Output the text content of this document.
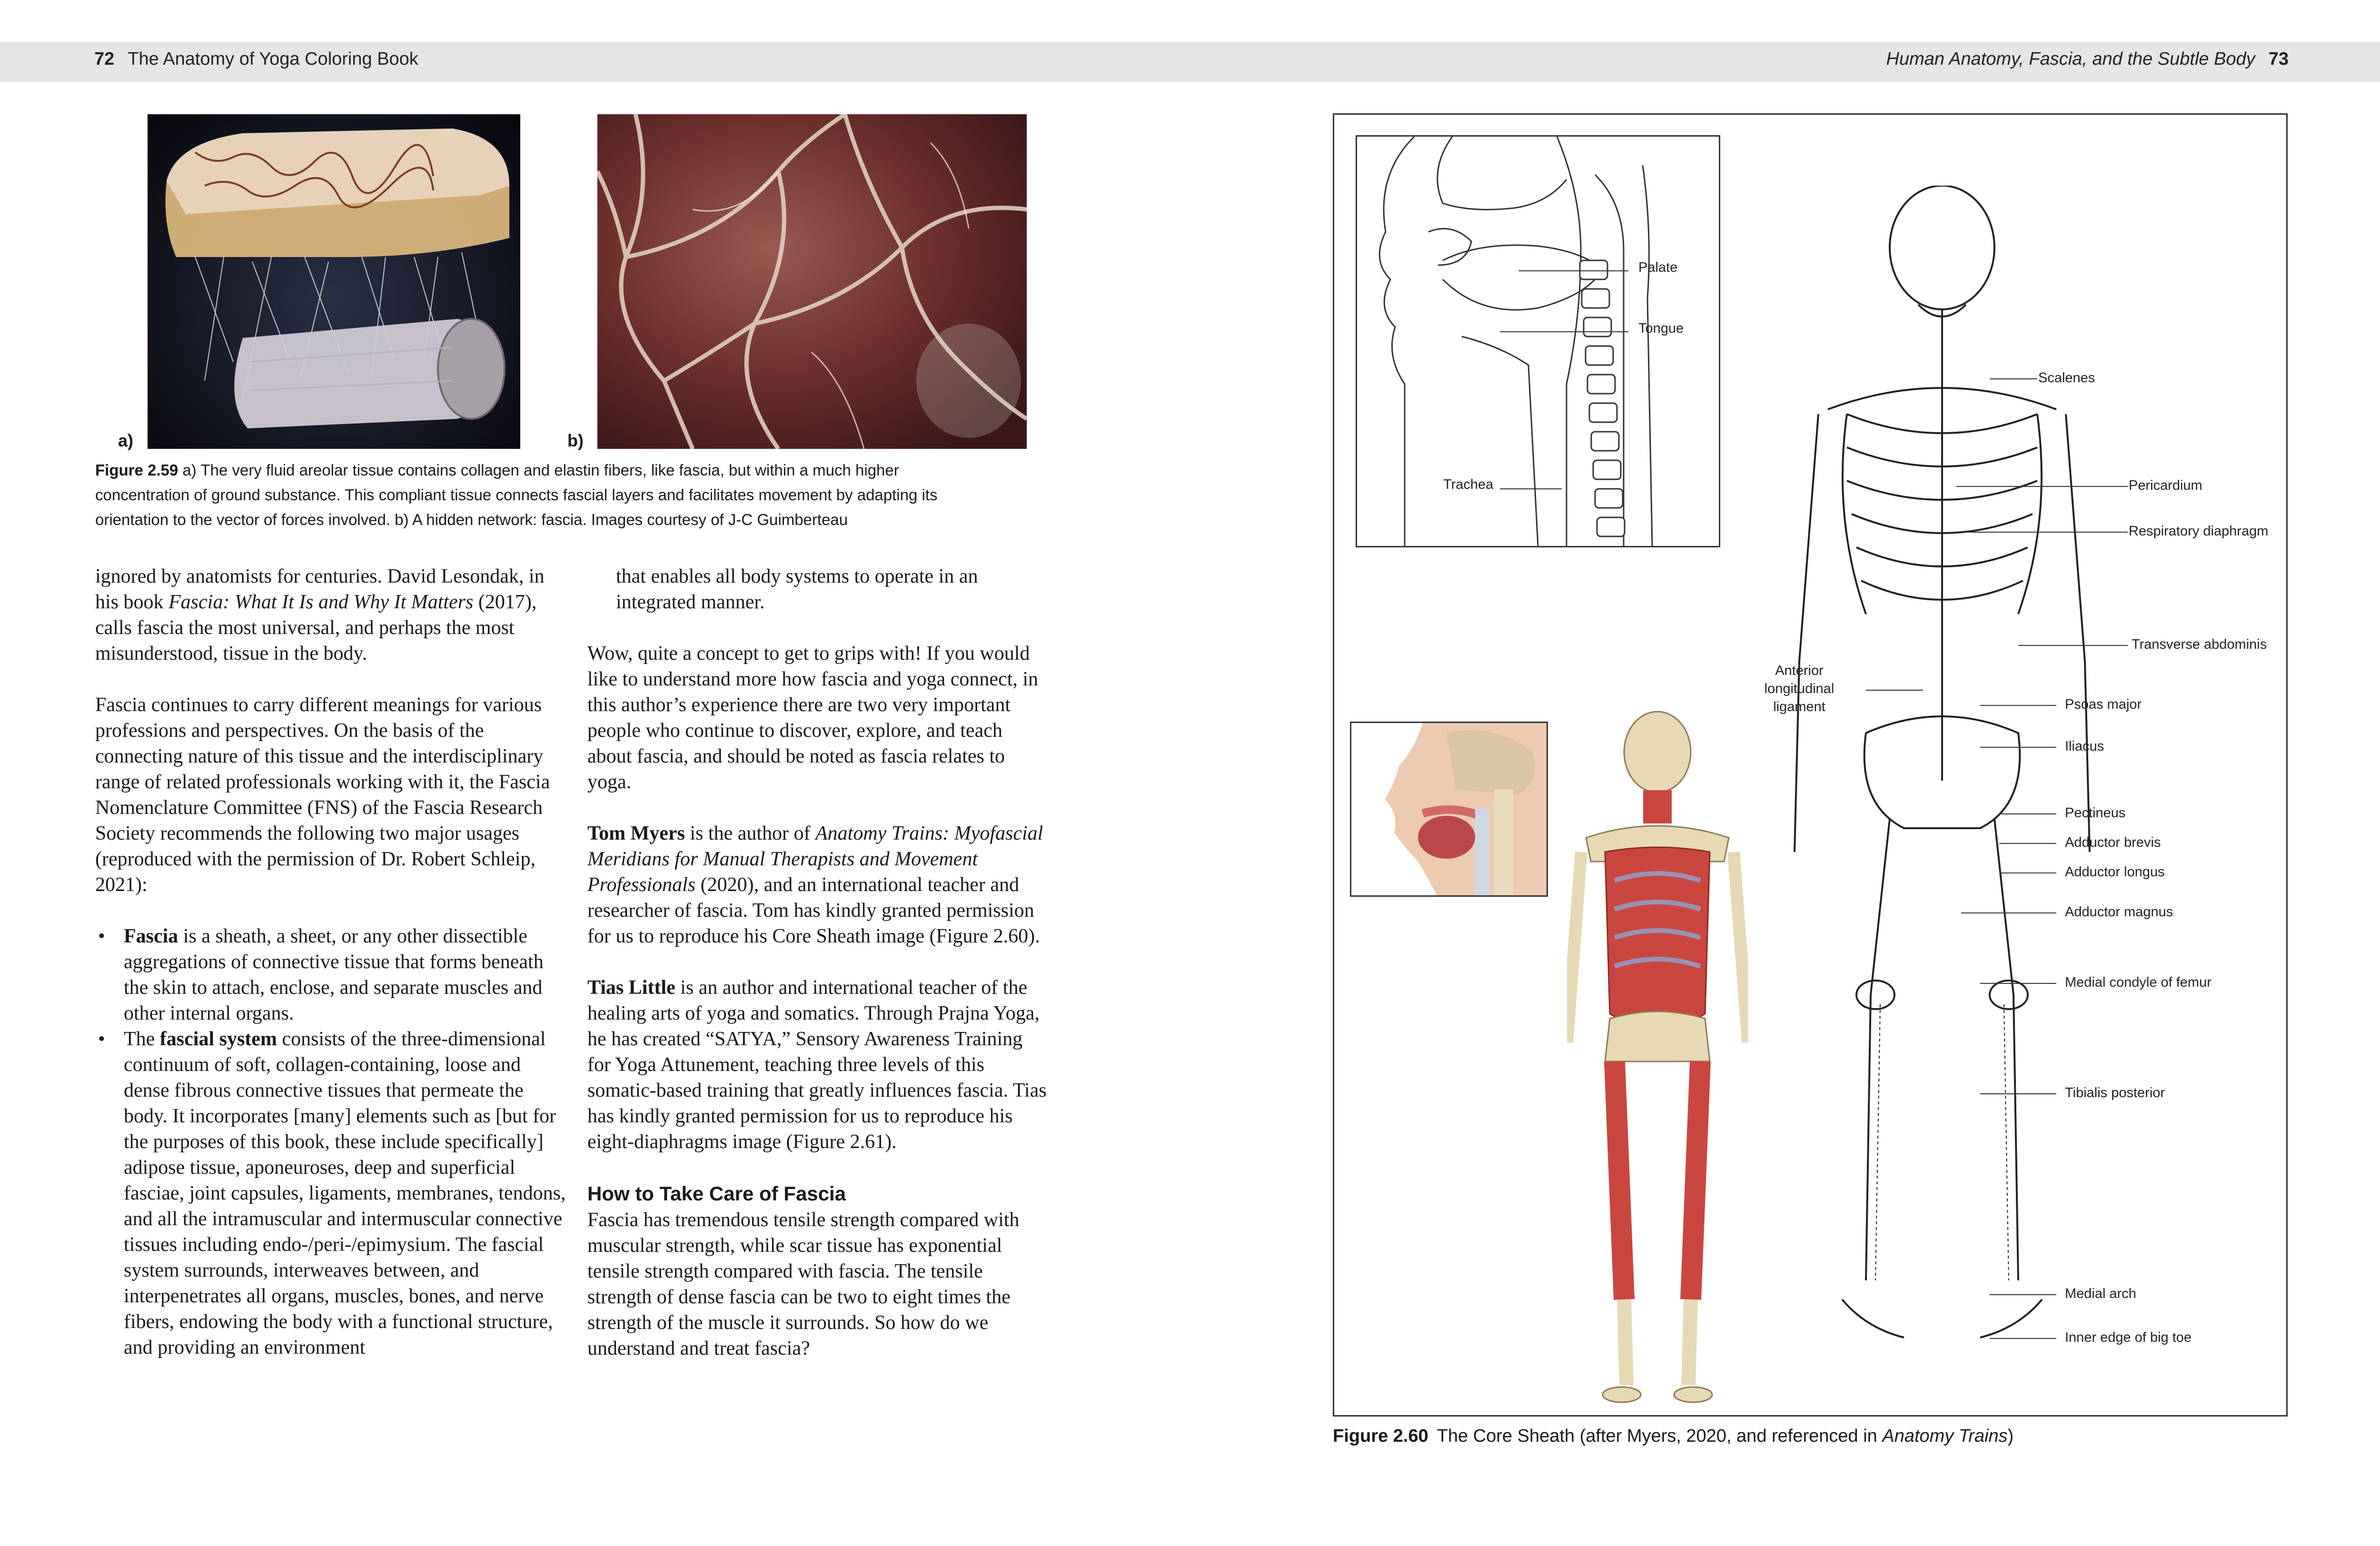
72 The Anatomy of Yoga Coloring Book	Human Anatomy, Fascia, and the Subtle Body 73
a)	b)
Figure 2.59 a) The very fluid areolar tissue contains collagen and elastin fibers, like fascia, but within a much higher
concentration of ground substance. This compliant tissue connects fascial layers and facilitates movement by adapting its
orientation to the vector of forces involved. b) A hidden network: fascia. Images courtesy of J-C Guimberteau

ignored by anatomists for centuries. David Lesondak, in his book Fascia: What It Is and Why It Matters (2017), calls fascia the most universal, and perhaps the most misunderstood, tissue in the body.

Fascia continues to carry different meanings for various professions and perspectives. On the basis of the connecting nature of this tissue and the interdisciplinary range of related professionals working with it, the Fascia Nomenclature Committee (FNS) of the Fascia Research Society recommends the following two major usages (reproduced with the permission of Dr. Robert Schleip, 2021):

• Fascia is a sheath, a sheet, or any other dissectible aggregations of connective tissue that forms beneath the skin to attach, enclose, and separate muscles and other internal organs.
• The fascial system consists of the three-dimensional continuum of soft, collagen-containing, loose and dense fibrous connective tissues that permeate the body. It incorporates [many] elements such as [but for the purposes of this book, these include specifically] adipose tissue, aponeuroses, deep and superficial fasciae, joint capsules, ligaments, membranes, tendons, and all the intramuscular and intermuscular connective tissues including endo-/peri-/epimysium. The fascial system surrounds, interweaves between, and interpenetrates all organs, muscles, bones, and nerve fibers, endowing the body with a functional structure, and providing an environment

that enables all body systems to operate in an integrated manner.

Wow, quite a concept to get to grips with! If you would like to understand more how fascia and yoga connect, in this author’s experience there are two very important people who continue to discover, explore, and teach about fascia, and should be noted as fascia relates to yoga.

Tom Myers is the author of Anatomy Trains: Myofascial Meridians for Manual Therapists and Movement Professionals (2020), and an international teacher and researcher of fascia. Tom has kindly granted permission for us to reproduce his Core Sheath image (Figure 2.60).

Tias Little is an author and international teacher of the healing arts of yoga and somatics. Through Prajna Yoga, he has created “SATYA,” Sensory Awareness Training for Yoga Attunement, teaching three levels of this somatic-based training that greatly influences fascia. Tias has kindly granted permission for us to reproduce his eight-diaphragms image (Figure 2.61).

How to Take Care of Fascia

Fascia has tremendous tensile strength compared with muscular strength, while scar tissue has exponential tensile strength compared with fascia. The tensile strength of dense fascia can be two to eight times the strength of the muscle it surrounds. So how do we understand and treat fascia?

Palate
Tongue
Trachea
Scalenes
Pericardium
Respiratory diaphragm
Transverse abdominis
Anterior
longitudinal
ligament	Psoas major
Iliacus
Pectineus
Adductor brevis
Adductor longus
Adductor magnus
Medial condyle of femur
Tibialis posterior
Medial arch
Inner edge of big toe
Figure 2.60 The Core Sheath (after Myers, 2020, and referenced in Anatomy Trains)
